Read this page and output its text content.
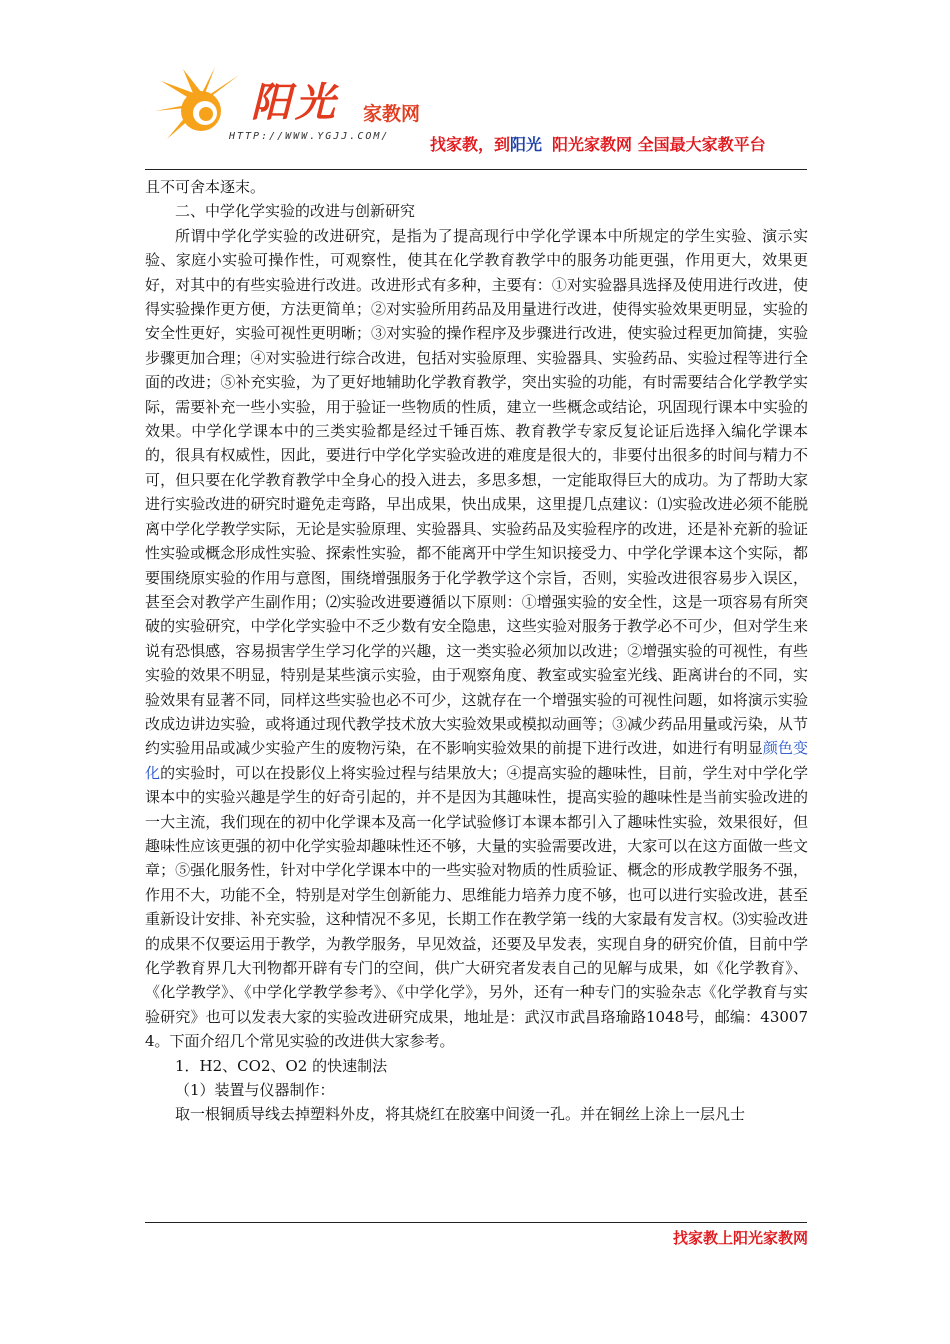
阳光 家教网
HTTP://WWW.YGJJ.COM/	找家教，到阳光 阳光家教网 全国最大家教平台

且不可舍本逐末。

二、中学化学实验的改进与创新研究

所谓中学化学实验的改进研究，是指为了提高现行中学化学课本中所规定的学生实验、演示实验、家庭小实验可操作性，可观察性，使其在化学教育教学中的服务功能更强，作用更大，效果更好，对其中的有些实验进行改进。改进形式有多种，主要有：①对实验器具选择及使用进行改进，使得实验操作更方便，方法更简单；②对实验所用药品及用量进行改进，使得实验效果更明显，实验的安全性更好，实验可视性更明晰；③对实验的操作程序及步骤进行改进，使实验过程更加简捷，实验步骤更加合理；④对实验进行综合改进，包括对实验原理、实验器具、实验药品、实验过程等进行全面的改进；⑤补充实验，为了更好地辅助化学教育教学，突出实验的功能，有时需要结合化学教学实际，需要补充一些小实验，用于验证一些物质的性质，建立一些概念或结论，巩固现行课本中实验的效果。中学化学课本中的三类实验都是经过千锤百炼、教育教学专家反复论证后选择入编化学课本的，很具有权威性，因此，要进行中学化学实验改进的难度是很大的，非要付出很多的时间与精力不可，但只要在化学教育教学中全身心的投入进去，多思多想，一定能取得巨大的成功。为了帮助大家进行实验改进的研究时避免走弯路，早出成果，快出成果，这里提几点建议：⑴实验改进必须不能脱离中学化学教学实际，无论是实验原理、实验器具、实验药品及实验程序的改进，还是补充新的验证性实验或概念形成性实验、探索性实验，都不能离开中学生知识接受力、中学化学课本这个实际，都要围绕原实验的作用与意图，围绕增强服务于化学教学这个宗旨，否则，实验改进很容易步入误区，甚至会对教学产生副作用；⑵实验改进要遵循以下原则：①增强实验的安全性，这是一项容易有所突破的实验研究，中学化学实验中不乏少数有安全隐患，这些实验对服务于教学必不可少，但对学生来说有恐惧感，容易损害学生学习化学的兴趣，这一类实验必须加以改进；②增强实验的可视性，有些实验的效果不明显，特别是某些演示实验，由于观察角度、教室或实验室光线、距离讲台的不同，实验效果有显著不同，同样这些实验也必不可少，这就存在一个增强实验的可视性问题，如将演示实验改成边讲边实验，或将通过现代教学技术放大实验效果或模拟动画等；③减少药品用量或污染，从节约实验用品或减少实验产生的废物污染，在不影响实验效果的前提下进行改进，如进行有明显颜色变化的实验时，可以在投影仪上将实验过程与结果放大；④提高实验的趣味性，目前，学生对中学化学课本中的实验兴趣是学生的好奇引起的，并不是因为其趣味性，提高实验的趣味性是当前实验改进的一大主流，我们现在的初中化学课本及高一化学试验修订本课本都引入了趣味性实验，效果很好，但趣味性应该更强的初中化学实验却趣味性还不够，大量的实验需要改进，大家可以在这方面做一些文章；⑤强化服务性，针对中学化学课本中的一些实验对物质的性质验证、概念的形成教学服务不强，作用不大，功能不全，特别是对学生创新能力、思维能力培养力度不够，也可以进行实验改进，甚至重新设计安排、补充实验，这种情况不多见，长期工作在教学第一线的大家最有发言权。⑶实验改进的成果不仅要运用于教学，为教学服务，早见效益，还要及早发表，实现自身的研究价值，目前中学化学教育界几大刊物都开辟有专门的空间，供广大研究者发表自己的见解与成果，如《化学教育》、《化学教学》、《中学化学教学参考》、《中学化学》，另外，还有一种专门的实验杂志《化学教育与实验研究》也可以发表大家的实验改进研究成果，地址是：武汉市武昌珞瑜路1048号，邮编：430074。下面介绍几个常见实验的改进供大家参考。

1．H2、CO2、O2 的快速制法

（1）装置与仪器制作：

取一根铜质导线去掉塑料外皮，将其烧红在胶塞中间烫一孔。并在铜丝上涂上一层凡士

找家教上阳光家教网
